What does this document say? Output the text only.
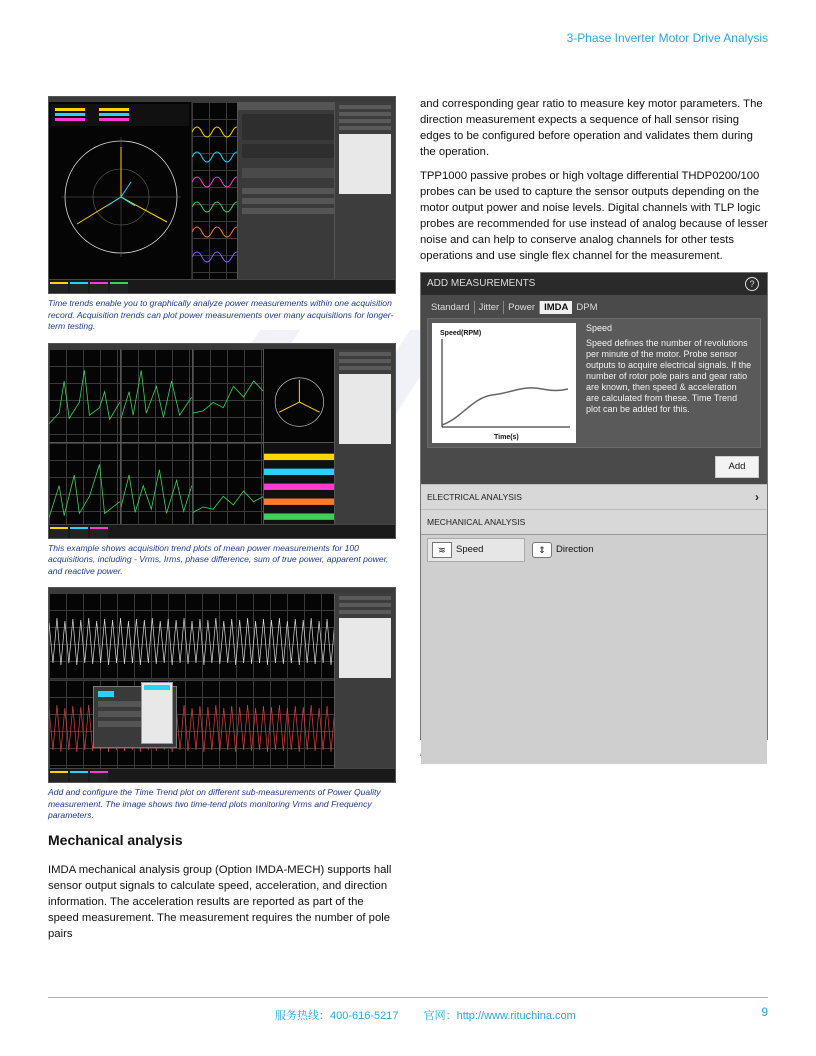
3-Phase Inverter Motor Drive Analysis
Time trends enable you to graphically analyze power measurements within one acquisition record. Acquisition trends can plot power measurements over many acquisitions for longer-term testing.
This example shows acquisition trend plots of mean power measurements for 100 acquisitions, including - Vrms, Irms, phase difference, sum of true power, apparent power, and reactive power.
Add and configure the Time Trend plot on different sub-measurements of Power Quality measurement. The image shows two time-tend plots monitoring Vrms and Frequency parameters.
Mechanical analysis

IMDA mechanical analysis group (Option IMDA-MECH) supports hall sensor output signals to calculate speed, acceleration, and direction information. The acceleration results are reported as part of the speed measurement. The measurement requires the number of pole pairs

and corresponding gear ratio to measure key motor parameters. The direction measurement expects a sequence of hall sensor rising edges to be configured before operation and validates them during the operation.

TPP1000 passive probes or high voltage differential THDP0200/100 probes can be used to capture the sensor outputs depending on the motor output power and noise levels. Digital channels with TLP logic probes are recommended for use instead of analog because of lesser noise and can help to conserve analog channels for other tests operations and use single flex channel for the measurement.

ADD MEASUREMENTS	?
Standard Jitter Power IMDA DPM
Speed(RPM)
Time(s)
Speed
Speed defines the number of revolutions per minute of the motor. Probe sensor outputs to acquire electrical signals. If the number of rotor pole pairs and gear ratio are known, then speed & acceleration are calculated from these. Time Trend plot can be added for this.
Add
ELECTRICAL ANALYSIS	›
MECHANICAL ANALYSIS
≋	Speed	⇕	Direction
服务热线：400-616-5217 官网：http://www.rituchina.com	9
